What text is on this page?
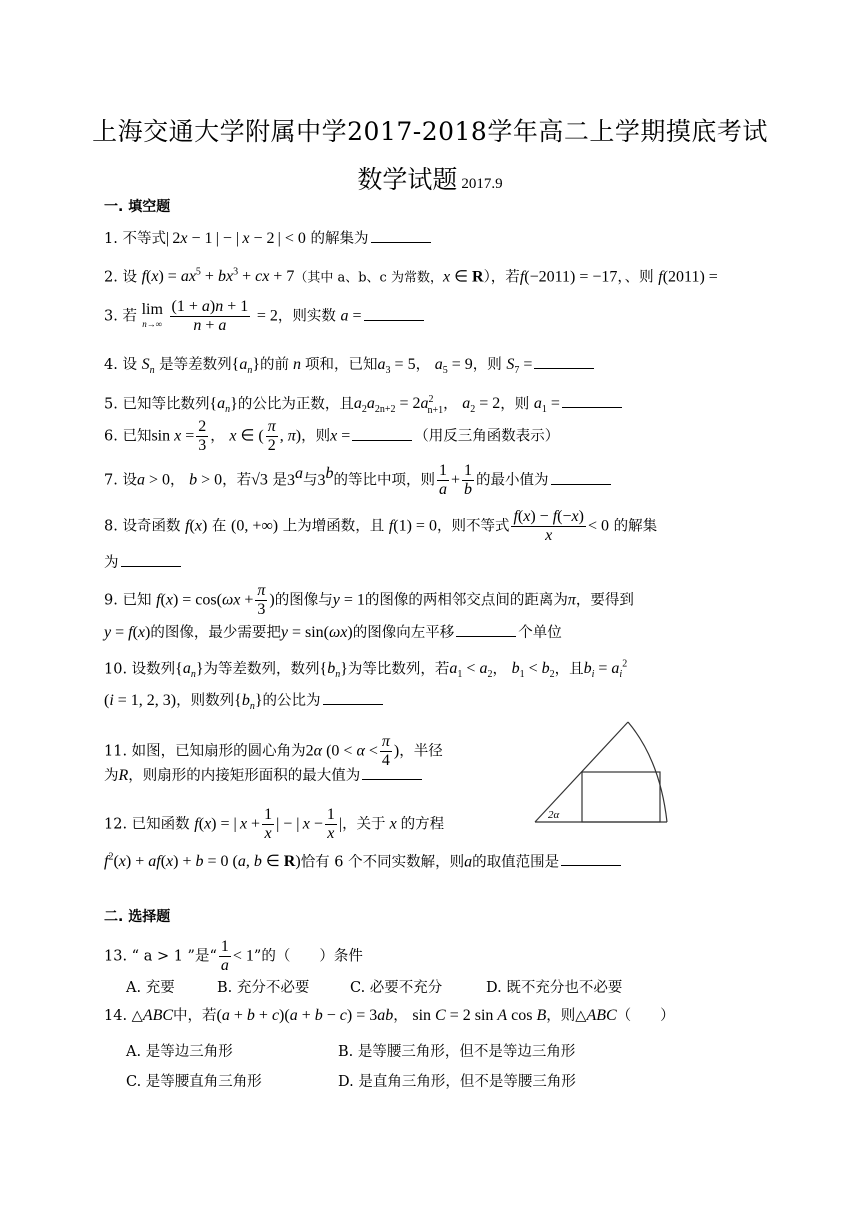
上海交通大学附属中学2017-2018学年高二上学期摸底考试
数学试题 2017.9
一. 填空题
1. 不等式| 2x − 1 | − | x − 2 | < 0 的解集为
2. 设 $f(x) = ax^5 + bx^3$ + cx + 7（其中 a、b、c 为常数，x ∈ R），若f(−2011) = −17，、则 f(2011) =
3. 若 lim
n→∞
$\frac{(1 + a)n + 1}{n + a} = 2$，则实数 a =
4. 设 $S_n$ 是等差数列$\{a_n\}$的前 n 项和，已知$a_3 = 5$， $a_5 = 9$，则 $S_7$ =
5. 已知等比数列$\{a_n\}$的公比为正数，且$a_2a_{2n+2} = 2a^2_{n+1}$， $a_2 = 2$，则 $a_1$ =
6. 已知$\sin x = \frac{2}{3}$ ， x ∈ ( $\frac{\pi}{2}$ , π)，则x =	（用反三角函数表示）
7. 设a > 0， b > 0，若√3 是3$^a$与3$^b$的等比中项，则 $\frac{1}{a} + \frac{1}{b}$ 的最小值为
8. 设奇函数 f(x) 在 (0, +∞) 上为增函数，且 f(1) = 0，则不等式 $\frac{f(x) - f(-x)}{x} < 0$ 的解集
为
9. 已知 $f(x) = \cos(\omega x + \frac{\pi}{3}$ )的图像与y = 1的图像的两相邻交点间的距离为π，要得到
y = f(x)的图像，最少需要把y = sin(ωx)的图像向左平移	个单位
10. 设数列$\{a_n\}$为等差数列，数列$\{b_n\}$为等比数列，若$a_1 < a_2$， $b_1 < b_2$，且$b_i = a_i^2$
(i = 1, 2, 3)，则数列$\{b_n\}$的公比为
11. 如图，已知扇形的圆心角为2α ($0 < \alpha < \frac{\pi}{4}$ )，半径
为R，则扇形的内接矩形面积的最大值为
12. 已知函数 f(x) = | $x + \frac{1}{x}$ | − | $x - \frac{1}{x}$ |，关于 x 的方程
$f^2(x) + af(x) + b = 0$ (a, b ∈ R)恰有 6 个不同实数解，则a的取值范围是
2α
二. 选择题
13. “ a > 1 ”是“ $\frac{1}{a} < 1$”的（　　）条件
A. 充要	B. 充分不必要	C. 必要不充分	D. 既不充分也不必要
14. △ABC中，若(a + b + c)(a + b − c) = 3ab， sin C = 2 sin A cos B，则△ABC（　　）
A. 是等边三角形	B. 是等腰三角形，但不是等边三角形
C. 是等腰直角三角形	D. 是直角三角形，但不是等腰三角形
